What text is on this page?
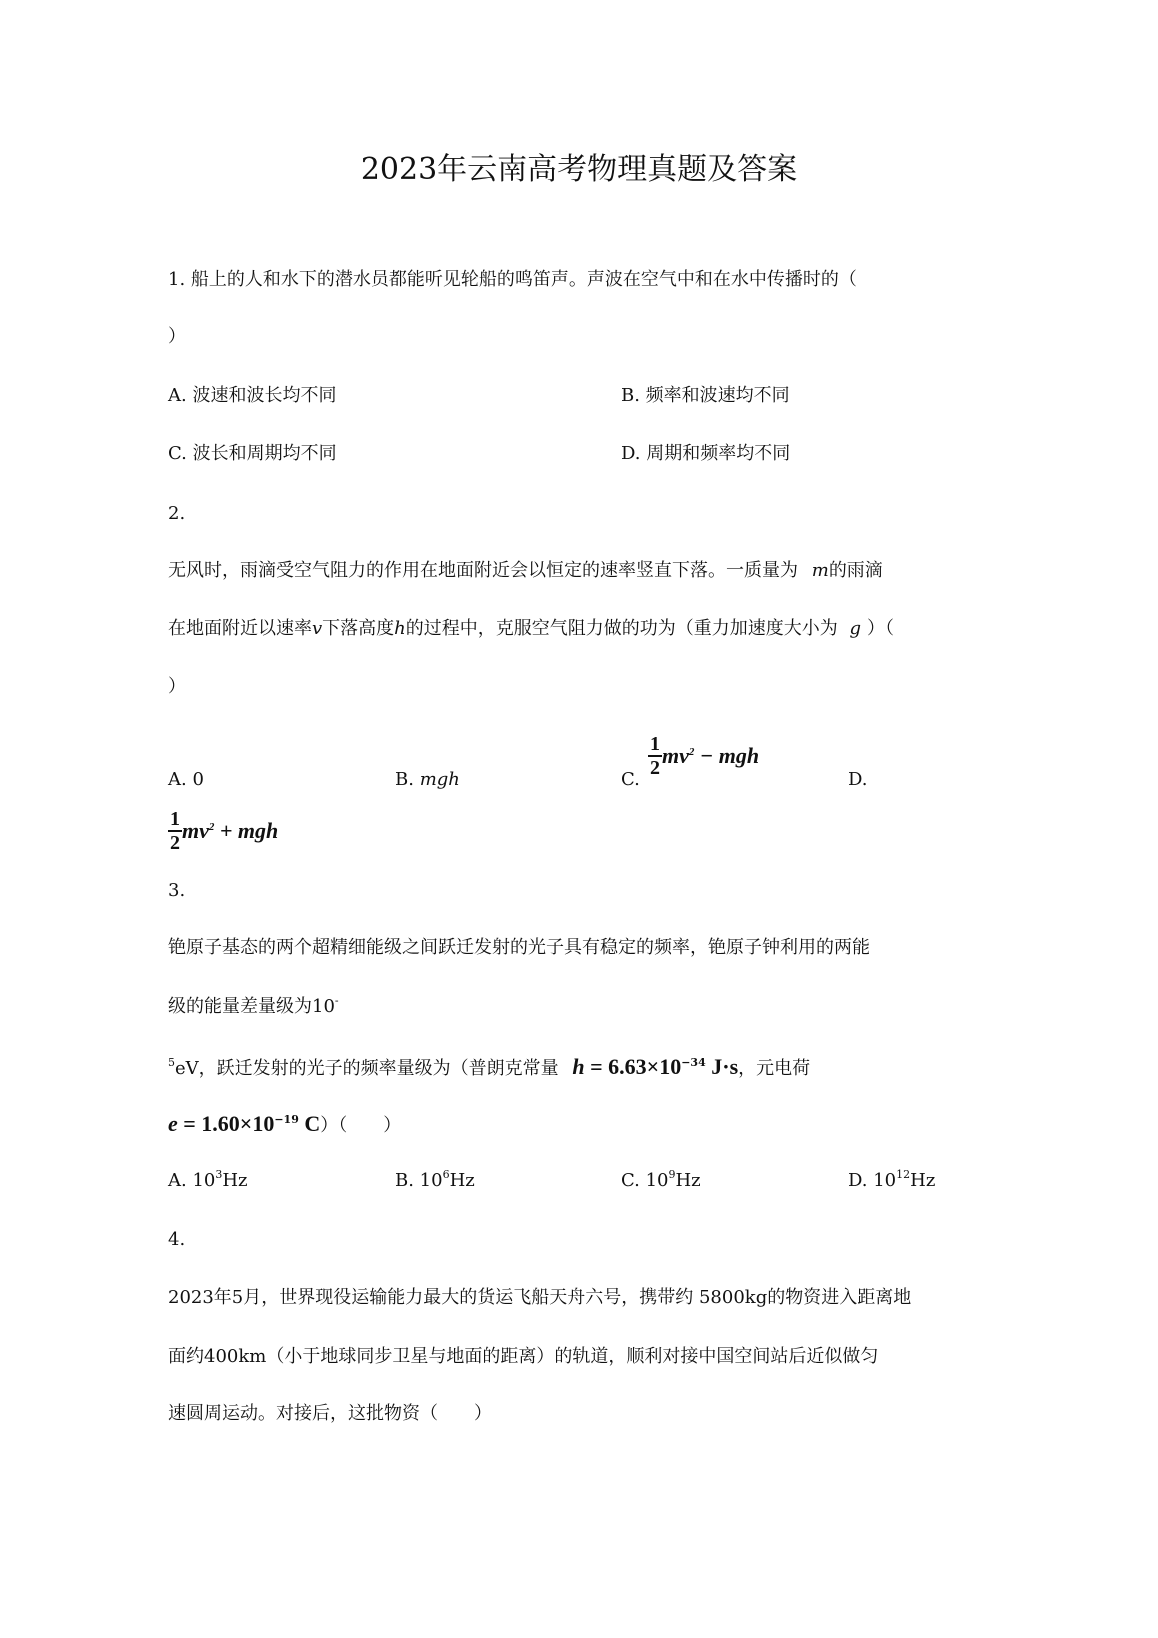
2023年云南高考物理真题及答案
1. 船上的人和水下的潜水员都能听见轮船的鸣笛声。声波在空气中和在水中传播时的（
）
A. 波速和波长均不同	B. 频率和波速均不同
C. 波长和周期均不同	D. 周期和频率均不同
2.
无风时，雨滴受空气阻力的作用在地面附近会以恒定的速率竖直下落。一质量为 m的雨滴
在地面附近以速率v下落高度h的过程中，克服空气阻力做的功为（重力加速度大小为 g ）（
）
A. 0	B. mgh	C.
$\frac{1}{2} mv^2$ − mgh
D.
$\frac{1}{2} mv^2$ + mgh
3.
铯原子基态的两个超精细能级之间跃迁发射的光子具有稳定的频率，铯原子钟利用的两能
级的能量差量级为10-
$^5$eV，跃迁发射的光子的频率量级为（普朗克常量 $h = 6.63\times 10^{-34}$ J·s，元电荷
$e = 1.60\times 10^{-19}$ C）（　　）
A. $10^3Hz$	B. $10^6Hz$	C. $10^9Hz$	D. $10^{12}Hz$
4.
2023年5月，世界现役运输能力最大的货运飞船天舟六号，携带约 5800kg的物资进入距离地
面约400km（小于地球同步卫星与地面的距离）的轨道，顺利对接中国空间站后近似做匀
速圆周运动。对接后，这批物资（　　）
